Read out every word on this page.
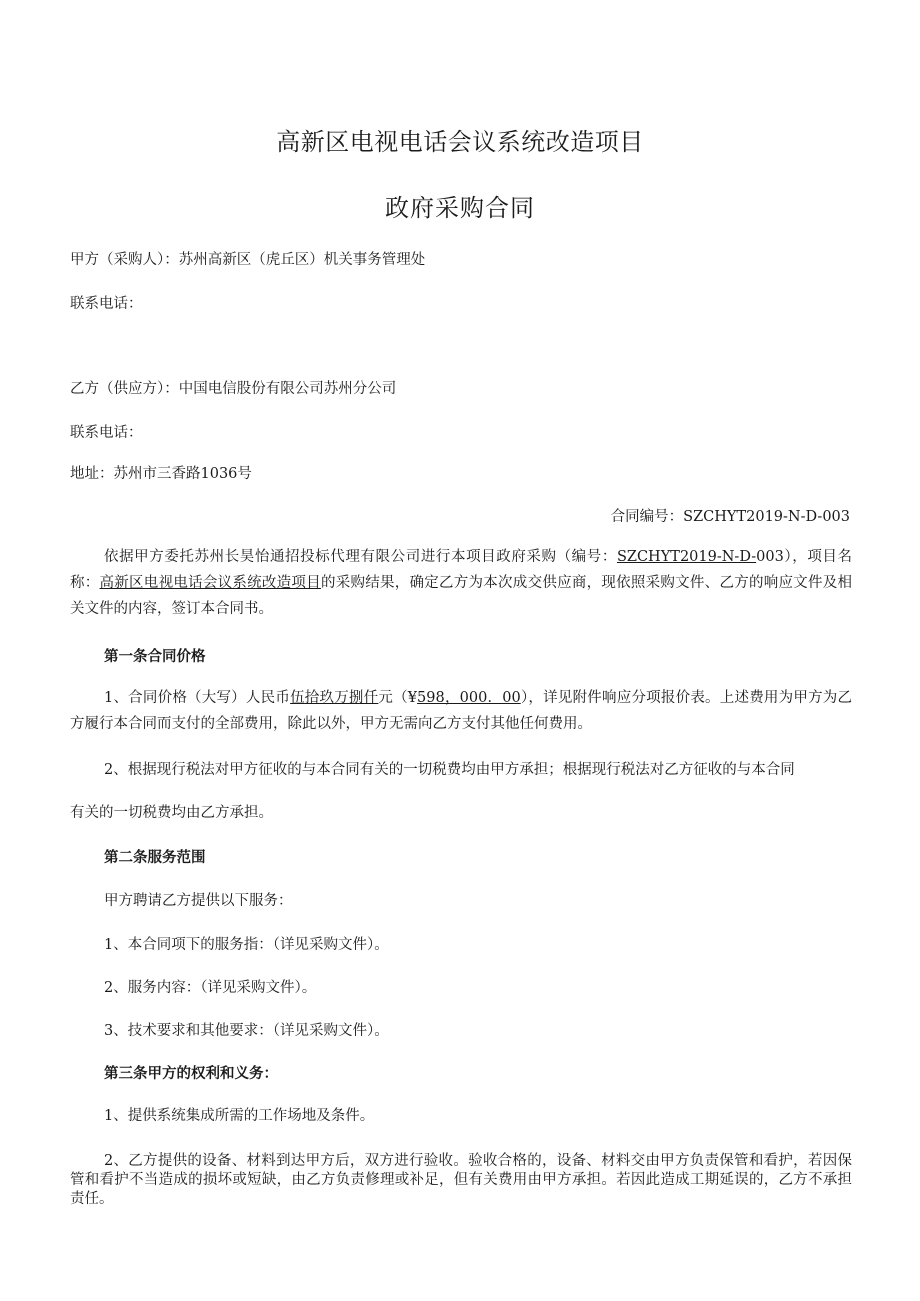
高新区电视电话会议系统改造项目
政府采购合同
甲方（采购人）：苏州高新区（虎丘区）机关事务管理处
联系电话：
乙方（供应方）：中国电信股份有限公司苏州分公司
联系电话：
地址：苏州市三香路1036号
合同编号：SZCHYT2019-N-D-003
依据甲方委托苏州长昊怡通招投标代理有限公司进行本项目政府采购（编号：SZCHYT2019-N-D-003），项目名称：高新区电视电话会议系统改造项目的采购结果，确定乙方为本次成交供应商，现依照采购文件、乙方的响应文件及相关文件的内容，签订本合同书。
第一条合同价格
1、合同价格（大写）人民币伍拾玖万捌仟元（¥598，000．00），详见附件响应分项报价表。上述费用为甲方为乙方履行本合同而支付的全部费用，除此以外，甲方无需向乙方支付其他任何费用。
2、根据现行税法对甲方征收的与本合同有关的一切税费均由甲方承担；根据现行税法对乙方征收的与本合同
有关的一切税费均由乙方承担。
第二条服务范围
甲方聘请乙方提供以下服务：
1、本合同项下的服务指：（详见采购文件）。
2、服务内容：（详见采购文件）。
3、技术要求和其他要求：（详见采购文件）。
第三条甲方的权利和义务：
1、提供系统集成所需的工作场地及条件。
2、乙方提供的设备、材料到达甲方后，双方进行验收。验收合格的，设备、材料交由甲方负责保管和看护，若因保管和看护不当造成的损坏或短缺，由乙方负责修理或补足，但有关费用由甲方承担。若因此造成工期延误的，乙方不承担责任。
